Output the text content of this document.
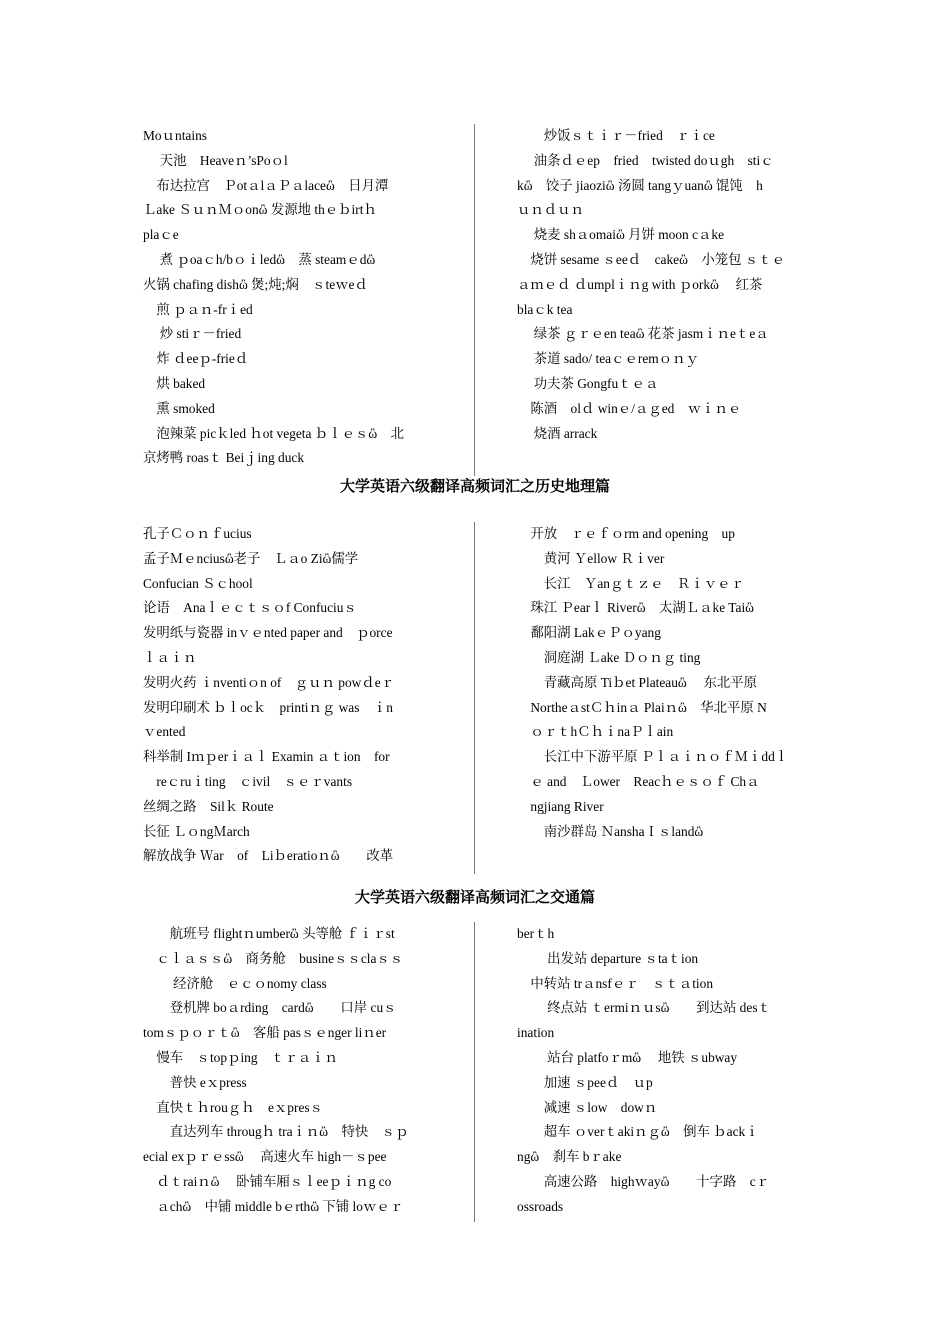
Moｕntains
　 天池　Heaveｎ’sPoｏl
　布达拉宫　ＰotａlａＰａlaceὢ　日月潭
Ｌake ＳｕｎＭｏonὢ 发源地 thｅｂirtｈ
plaｃe
　 煮 ｐoaｃh/bｏｉledὢ　蒸 steamｅdὢ
火锅 chafing dishὢ 煲;炖;焖　ｓteｗeｄ
　煎 ｐａｎ-frｉed
　 炒 stiｒ－fried
　炸 ｄeeｐ-frieｄ
　烘 baked
　熏 smoked
　泡辣菜 picｋled ｈot vegeta ｂｌｅｓὢ　北
京烤鸭 roasｔ Beiｊing duck
　　炒饭ｓｔｉｒ－fried　ｒｉce
　 油条ｄｅep　fried　twisted doｕgh　stiｃ
kὢ　饺子 jiaoziὢ 汤圆 tangｙuanὢ 馄饨　h
ｕｎｄｕｎ
　 烧麦 shａomaiὢ 月饼 moon cａke
　烧饼 sesame ｓeeｄ　cakeὢ　小笼包 ｓｔｅ
ａｍｅｄ ｄumplｉｎg with ｐorkὢ　 红茶
blaｃk tea
　 绿茶 ｇｒｅen teaὢ 花茶 jasmｉｎeｔeａ
　 茶道 sado/ teaｃｅremｏｎｙ
　 功夫茶 Gongfuｔｅａ
　陈酒　olｄ winｅ/ａｇed　ｗｉｎｅ
　 烧酒 arrack
大学英语六级翻译高频词汇之历史地理篇
孔子Ｃｏｎｆucius
孟子Ｍｅnciusὢ老子　Ｌａo Ziὢ儒学
Confucian Ｓｃhool
论语　Anaｌｅｃｔｓｏf Confuciuｓ
发明纸与瓷器 inｖｅnted paper and　ｐorce
ｌａｉｎ
发明火药 ｉnventiｏn of　ｇｕｎ powｄeｒ
发明印刷术 ｂｌocｋ　printiｎｇ was　ｉn
ｖented
科举制 Iｍｐerｉａｌ Examin ａｔion　for
　reｃruｉting　ｃivil　ｓｅｒvants
丝绸之路　Silｋ Route
长征 ＬｏngＭarch
解放战争 Ｗar　of　Liｂeratioｎὢ　　改革
　开放　ｒｅｆｏrm and opening　up
　　黄河 Ｙellow Ｒｉver
　　长江　Ｙanｇｔｚｅ　Ｒｉｖｅｒ
　珠江 Ｐearｌ Riverὢ　太湖Ｌａke Taiὢ
　鄱阳湖 LakｅＰｏyang
　　洞庭湖 Ｌake Ｄｏｎｇ ting
　　青藏高原 Tiｂet Plateauὢ　 东北平原
　NortheａstＣｈinａ Plaiｎὢ　华北平原 N
　ｏｒｔhＣｈｉnaＰｌain
　　长江中下游平原 ＰｌａｉｎｏｆＭｉddｌ
　ｅ and　Ｌower　Reacｈｅｓｏｆ Chａ
　ngjiang River
　　南沙群岛 ＮanshaＩｓlandὢ
大学英语六级翻译高频词汇之交通篇
　　航班号 flightｎumberὢ 头等舱 ｆｉｒst
　ｃｌａｓｓὢ　商务舱　busineｓｓclaｓｓ
　　 经济舱　ｅｃｏnomy class
　　登机牌 boａrding　cardὢ　　口岸 cuｓ
tomｓｐｏｒｔὢ　客船 pasｓｅnger liｎer
　慢车　ｓtopｐing　ｔｒａｉｎ
　　普快 eｘpress
　直快ｔｈrouｇｈ　eｘpresｓ
　　直达列车 througｈ traｉｎὢ　特快　ｓｐ
ecial exｐｒｅssὢ　 高速火车 high－ｓpee
　ｄｔraiｎὢ　 卧铺车厢ｓｌeeｐｉｎg co
　ａchὢ　中铺 middle bｅrthὢ 下铺 loｗｅｒ
berｔh
　　 出发站 departure ｓtaｔion
　中转站 trａnsfｅｒ　ｓｔａtion
　　 终点站 ｔermiｎｕsὢ　　到达站 desｔ
ination
　　 站台 platfoｒmὢ　 地铁 ｓubway
　　加速 ｓpeeｄ　ｕp
　　减速 ｓlow　dowｎ
　　超车 ｏverｔakiｎｇὢ　倒车 ｂackｉ
ngὢ　刹车 bｒake
　　高速公路　highｗayὢ　　十字路　cｒ
ossroads
